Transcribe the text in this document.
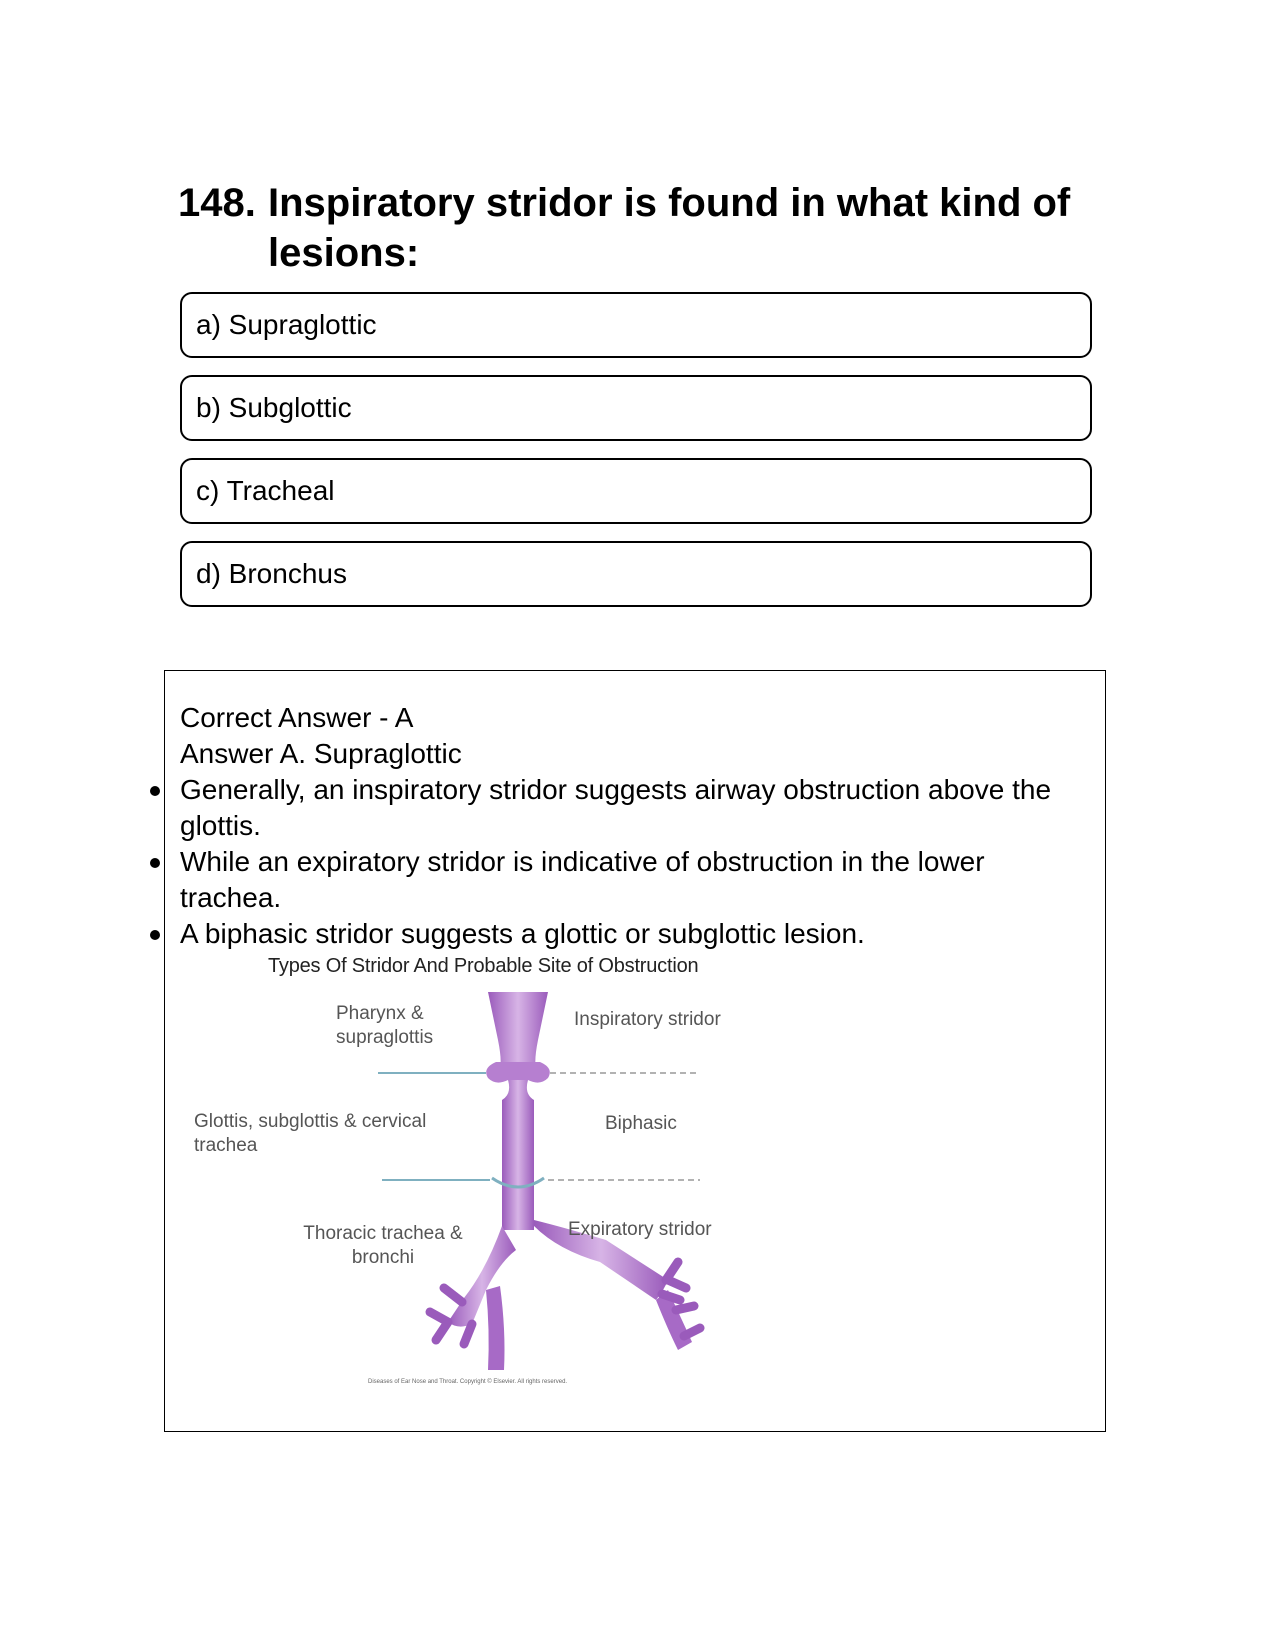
148. Inspiratory stridor is found in what kind of lesions:
a) Supraglottic
b) Subglottic
c) Tracheal
d) Bronchus
Correct Answer - A
Answer A. Supraglottic
Generally, an inspiratory stridor suggests airway obstruction above the glottis.
While an expiratory stridor is indicative of obstruction in the lower trachea.
A biphasic stridor suggests a glottic or subglottic lesion.
Types Of Stridor And Probable Site of Obstruction
Pharynx & supraglottis
Glottis, subglottis & cervical trachea
Thoracic trachea & bronchi
Inspiratory stridor
Biphasic
Expiratory stridor
Diseases of Ear Nose and Throat. Copyright © Elsevier. All rights reserved.
